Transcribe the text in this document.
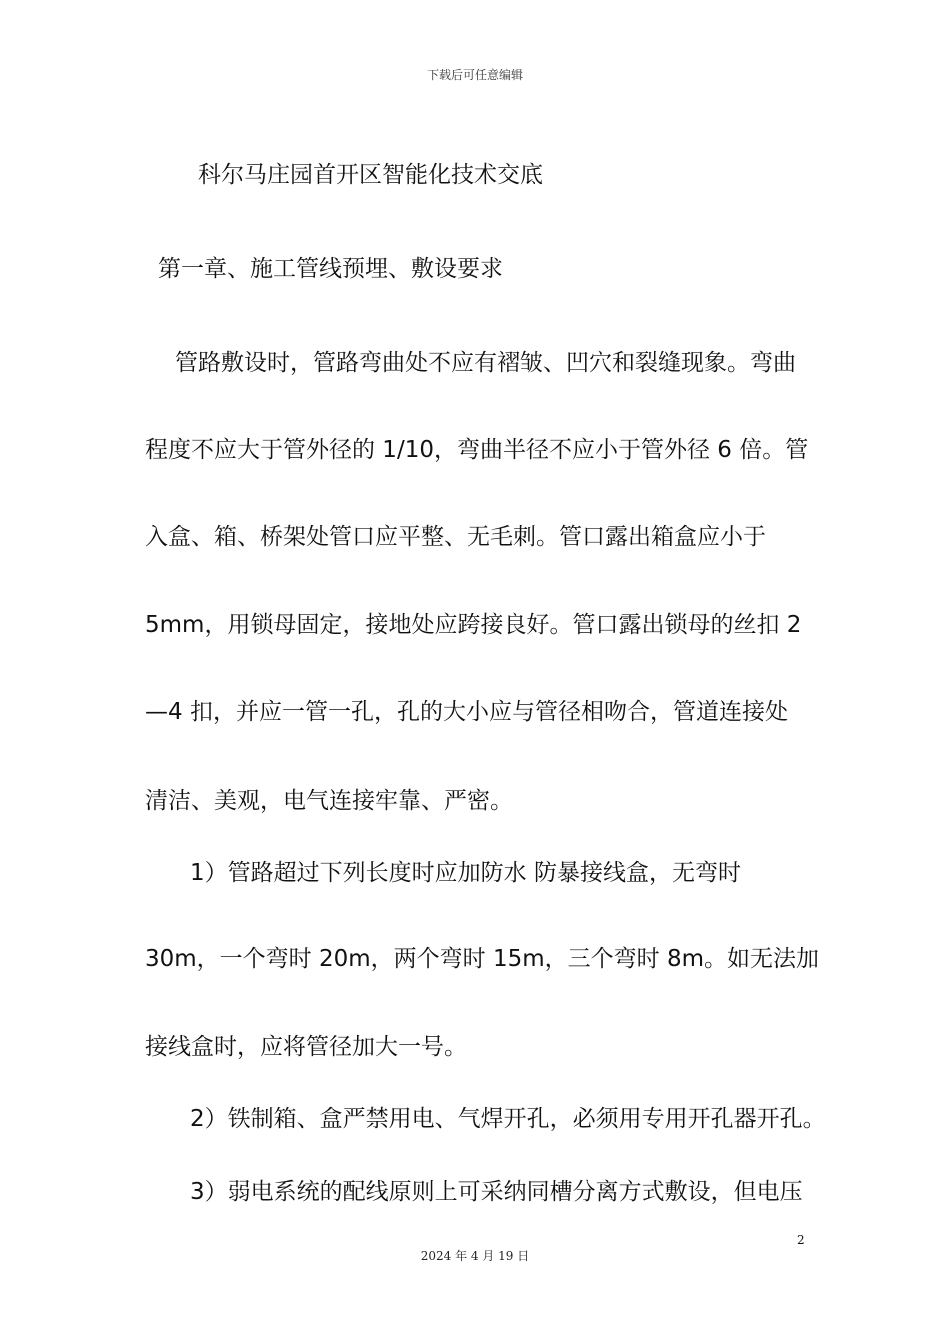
下载后可任意编辑
科尔马庄园首开区智能化技术交底
第一章、施工管线预埋、敷设要求
管路敷设时，管路弯曲处不应有褶皱、凹穴和裂缝现象。弯曲
程度不应大于管外径的 1/10，弯曲半径不应小于管外径 6 倍。管
入盒、箱、桥架处管口应平整、无毛刺。管口露出箱盒应小于
5mm，用锁母固定，接地处应跨接良好。管口露出锁母的丝扣 2
—4 扣，并应一管一孔，孔的大小应与管径相吻合，管道连接处
清洁、美观，电气连接牢靠、严密。
1）管路超过下列长度时应加防水 防暴接线盒，无弯时
30m，一个弯时 20m，两个弯时 15m，三个弯时 8m。如无法加
接线盒时，应将管径加大一号。
2）铁制箱、盒严禁用电、气焊开孔，必须用专用开孔器开孔。
3）弱电系统的配线原则上可采纳同槽分离方式敷设，但电压
2
2024 年 4 月 19 日
